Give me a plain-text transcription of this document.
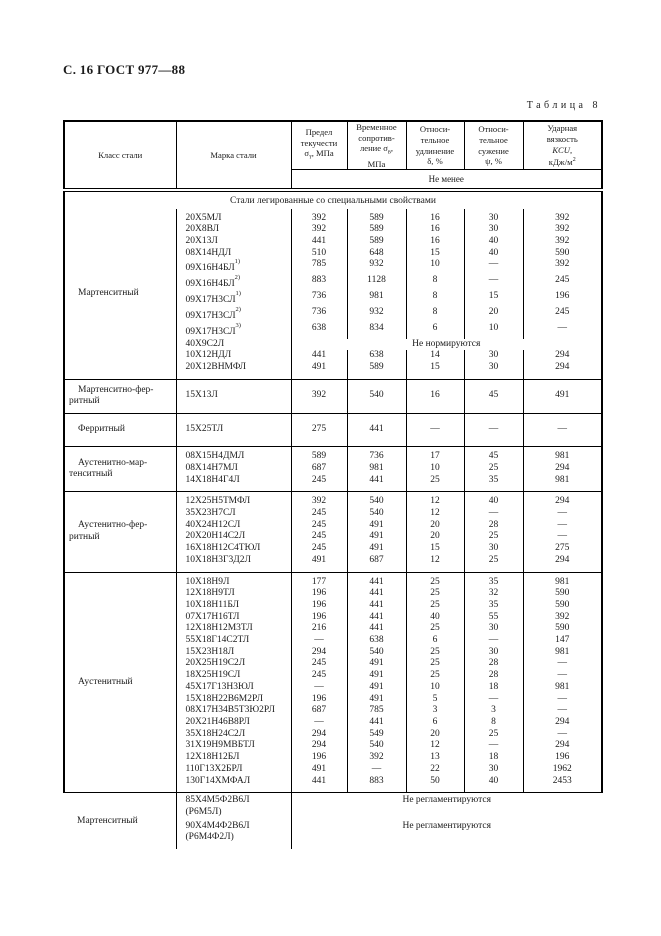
С. 16 ГОСТ 977—88
Таблица 8
Класс стали	Марка стали	Предел
текучести
$\sigma_т$, МПа	Временное
сопротив-
ление $\sigma_в$,
МПа	Относи-
тельное
удлинение
δ, %	Относи-
тельное
сужение
ψ, %	Ударная
вязкость
KCU,
кДж/$м^2$
		Не менее				
Стали легированные со специальными свойствами						
Мартенситный	20Х5МЛ	392	589	16	30	392
	20Х8ВЛ	392	589	16	30	392
	20Х13Л	441	589	16	40	392
	08Х14НДЛ	510	648	15	40	590
	09Х16Н4БЛ$^{1)}$	785	932	10	—	392
	09Х16Н4БЛ$^{2)}$	883	1128	8	—	245
	09Х17Н3СЛ$^{1)}$	736	981	8	15	196
	09Х17Н3СЛ$^{2)}$	736	932	8	20	245
	09Х17Н3СЛ$^{3)}$	638	834	6	10	—
	40Х9С2Л	Не нормируются				
	10Х12НДЛ	441	638	14	30	294
	20Х12ВНМФЛ	491	589	15	30	294
Мартенситно-фер-
ритный	15Х13Л	392	540	16	45	491
Ферритный	15Х25ТЛ	275	441	—	—	—
Аустенитно-мар-
тенситный	08Х15Н4ДМЛ	589	736	17	45	981
	08Х14Н7МЛ	687	981	10	25	294
	14Х18Н4Г4Л	245	441	25	35	981
Аустенитно-фер-
ритный	12Х25Н5ТМФЛ	392	540	12	40	294
	35Х23Н7СЛ	245	540	12	—	—
	40Х24Н12СЛ	245	491	20	28	—
	20Х20Н14С2Л	245	491	20	25	—
	16Х18Н12С4ТЮЛ	245	491	15	30	275
	10Х18Н3Г3Д2Л	491	687	12	25	294
Аустенитный	10Х18Н9Л	177	441	25	35	981
	12Х18Н9ТЛ	196	441	25	32	590
	10Х18Н11БЛ	196	441	25	35	590
	07Х17Н16ТЛ	196	441	40	55	392
	12Х18Н12М3ТЛ	216	441	25	30	590
	55Х18Г14С2ТЛ	—	638	6	—	147
	15Х23Н18Л	294	540	25	30	981
	20Х25Н19С2Л	245	491	25	28	—
	18Х25Н19СЛ	245	491	25	28	—
	45Х17Г13Н3ЮЛ	—	491	10	18	981
	15Х18Н22В6М2РЛ	196	491	5	—	—
	08Х17Н34В5Т3Ю2РЛ	687	785	3	3	—
	20Х21Н46В8РЛ	—	441	6	8	294
	35Х18Н24С2Л	294	549	20	25	—
	31Х19Н9МВБТЛ	294	540	12	—	294
	12Х18Н12БЛ	196	392	13	18	196
	110Г13Х2БРЛ	491	—	22	30	1962
	130Г14ХМФАЛ	441	883	50	40	2453
Мартенситный	85Х4М5Ф2В6Л
(Р6М5Л)	Не регламентируются				
	90Х4М4Ф2В6Л
(Р6М4Ф2Л)	Не регламентируются				
